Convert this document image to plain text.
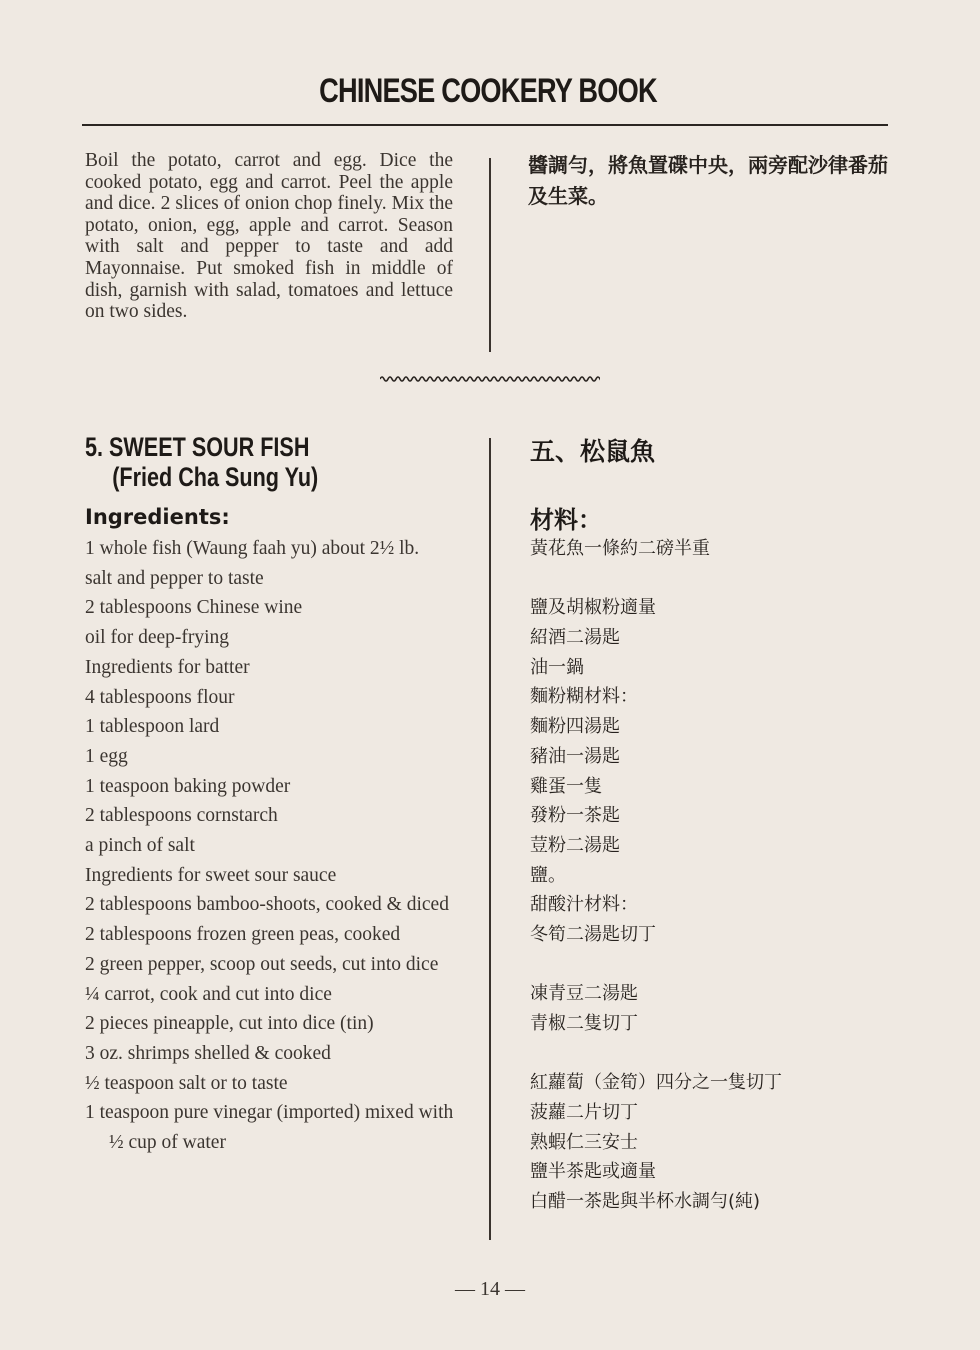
CHINESE COOKERY BOOK

Boil the potato, carrot and egg. Dice the cooked potato, egg and carrot. Peel the apple and dice. 2 slices of onion chop finely. Mix the potato, onion, egg, apple and carrot. Season with salt and pepper to taste and add Mayonnaise. Put smoked fish in middle of dish, garnish with salad, tomatoes and lettuce on two sides.

醬調勻，將魚置碟中央，兩旁配沙律番茄及生菜。

5. SWEET SOUR FISH
(Fried Cha Sung Yu)
Ingredients:
1 whole fish (Waung faah yu) about 2½ lb.
salt and pepper to taste
2 tablespoons Chinese wine
oil for deep-frying
Ingredients for batter
4 tablespoons flour
1 tablespoon lard
1 egg
1 teaspoon baking powder
2 tablespoons cornstarch
a pinch of salt
Ingredients for sweet sour sauce
2 tablespoons bamboo-shoots, cooked & diced
2 tablespoons frozen green peas, cooked
2 green pepper, scoop out seeds, cut into dice
¼ carrot, cook and cut into dice
2 pieces pineapple, cut into dice (tin)
3 oz. shrimps shelled & cooked
½ teaspoon salt or to taste
1 teaspoon pure vinegar (imported) mixed with ½ cup of water
五、松鼠魚
材料：
黃花魚一條約二磅半重
鹽及胡椒粉適量
紹酒二湯匙
油一鍋
麵粉糊材料：
麵粉四湯匙
豬油一湯匙
雞蛋一隻
發粉一茶匙
荳粉二湯匙
鹽。
甜酸汁材料：
冬筍二湯匙切丁
凍青豆二湯匙
青椒二隻切丁
紅蘿蔔（金筍）四分之一隻切丁
菠蘿二片切丁
熟蝦仁三安士
鹽半茶匙或適量
白醋一茶匙與半杯水調勻(純)
— 14 —
